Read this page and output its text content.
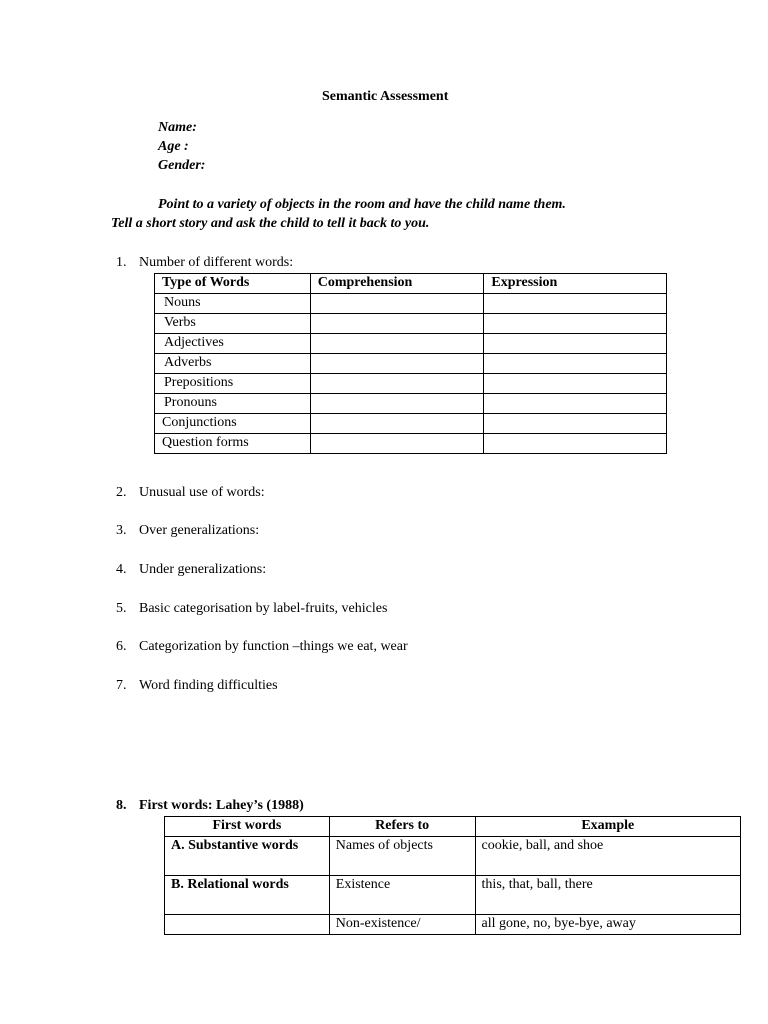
Semantic Assessment
Name:
Age :
Gender:
Point to a variety of objects in the room and have the child name them.
Tell a short story and ask the child to tell it back to you.
1. Number of different words:
Type of Words	Comprehension	Expression
Nouns		
Verbs		
Adjectives		
Adverbs		
Prepositions		
Pronouns		
Conjunctions		
Question forms		
2. Unusual use of words:
3. Over generalizations:
4. Under generalizations:
5. Basic categorisation by label-fruits, vehicles
6. Categorization by function –things we eat, wear
7. Word finding difficulties
8. First words: Lahey’s (1988)
First words	Refers to	Example
A. Substantive words	Names of objects	cookie, ball, and shoe
B. Relational words	Existence	this, that, ball, there
	Non-existence/	all gone, no, bye-bye, away
